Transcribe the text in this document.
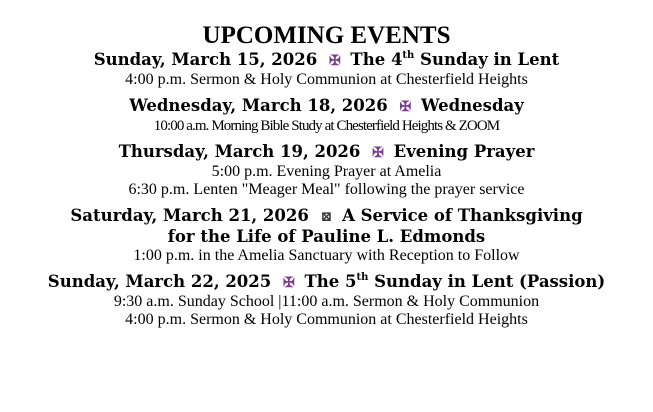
UPCOMING EVENTS
Sunday, March 15, 2026 ✠ The 4th Sunday in Lent
4:00 p.m. Sermon & Holy Communion at Chesterfield Heights
Wednesday, March 18, 2026 ✠ Wednesday
10:00 a.m. Morning Bible Study at Chesterfield Heights & ZOOM
Thursday, March 19, 2026 ✠ Evening Prayer
5:00 p.m. Evening Prayer at Amelia
6:30 p.m. Lenten "Meager Meal" following the prayer service
Saturday, March 21, 2026 ⊠ A Service of Thanksgiving
for the Life of Pauline L. Edmonds
1:00 p.m. in the Amelia Sanctuary with Reception to Follow
Sunday, March 22, 2025 ✠ The 5th Sunday in Lent (Passion)
9:30 a.m. Sunday School |11:00 a.m. Sermon & Holy Communion
4:00 p.m. Sermon & Holy Communion at Chesterfield Heights
